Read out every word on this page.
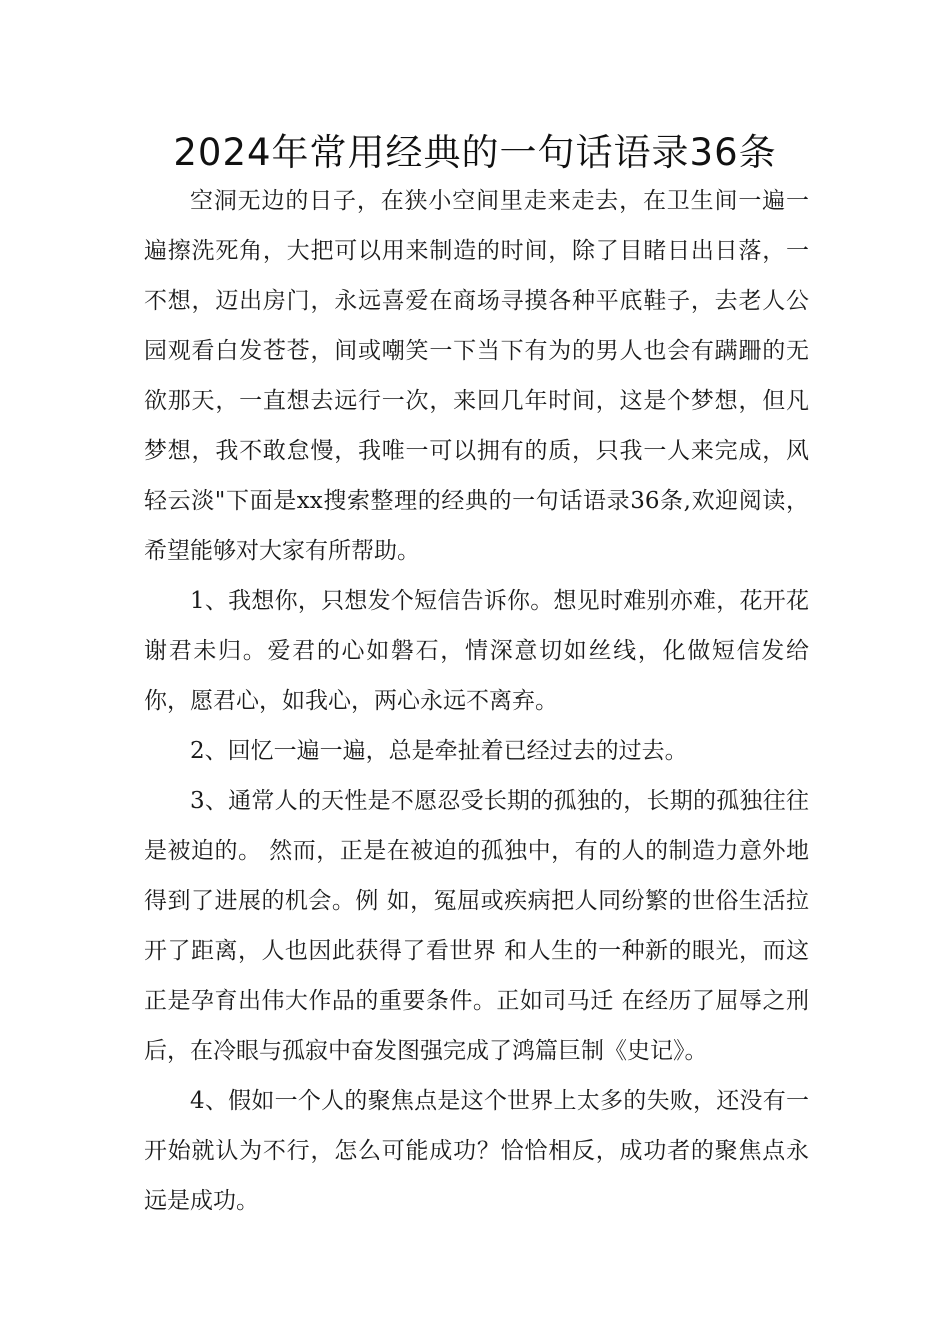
2024年常用经典的一句话语录36条

空洞无边的日子，在狭小空间里走来走去，在卫生间一遍一遍擦洗死角，大把可以用来制造的时间，除了目睹日出日落，一不想，迈出房门，永远喜爱在商场寻摸各种平底鞋子，去老人公园观看白发苍苍，间或嘲笑一下当下有为的男人也会有蹒跚的无欲那天，一直想去远行一次，来回几年时间，这是个梦想，但凡梦想，我不敢怠慢，我唯一可以拥有的质，只我一人来完成，风轻云淡"下面是xx搜索整理的经典的一句话语录36条,欢迎阅读，希望能够对大家有所帮助。

1、我想你，只想发个短信告诉你。想见时难别亦难，花开花谢君未归。爱君的心如磐石，情深意切如丝线，化做短信发给你，愿君心，如我心，两心永远不离弃。

2、回忆一遍一遍，总是牵扯着已经过去的过去。

3、通常人的天性是不愿忍受长期的孤独的，长期的孤独往往是被迫的。 然而，正是在被迫的孤独中，有的人的制造力意外地得到了进展的机会。例 如，冤屈或疾病把人同纷繁的世俗生活拉开了距离，人也因此获得了看世界 和人生的一种新的眼光，而这正是孕育出伟大作品的重要条件。正如司马迁 在经历了屈辱之刑后，在冷眼与孤寂中奋发图强完成了鸿篇巨制《史记》。

4、假如一个人的聚焦点是这个世界上太多的失败，还没有一开始就认为不行，怎么可能成功？恰恰相反，成功者的聚焦点永远是成功。
